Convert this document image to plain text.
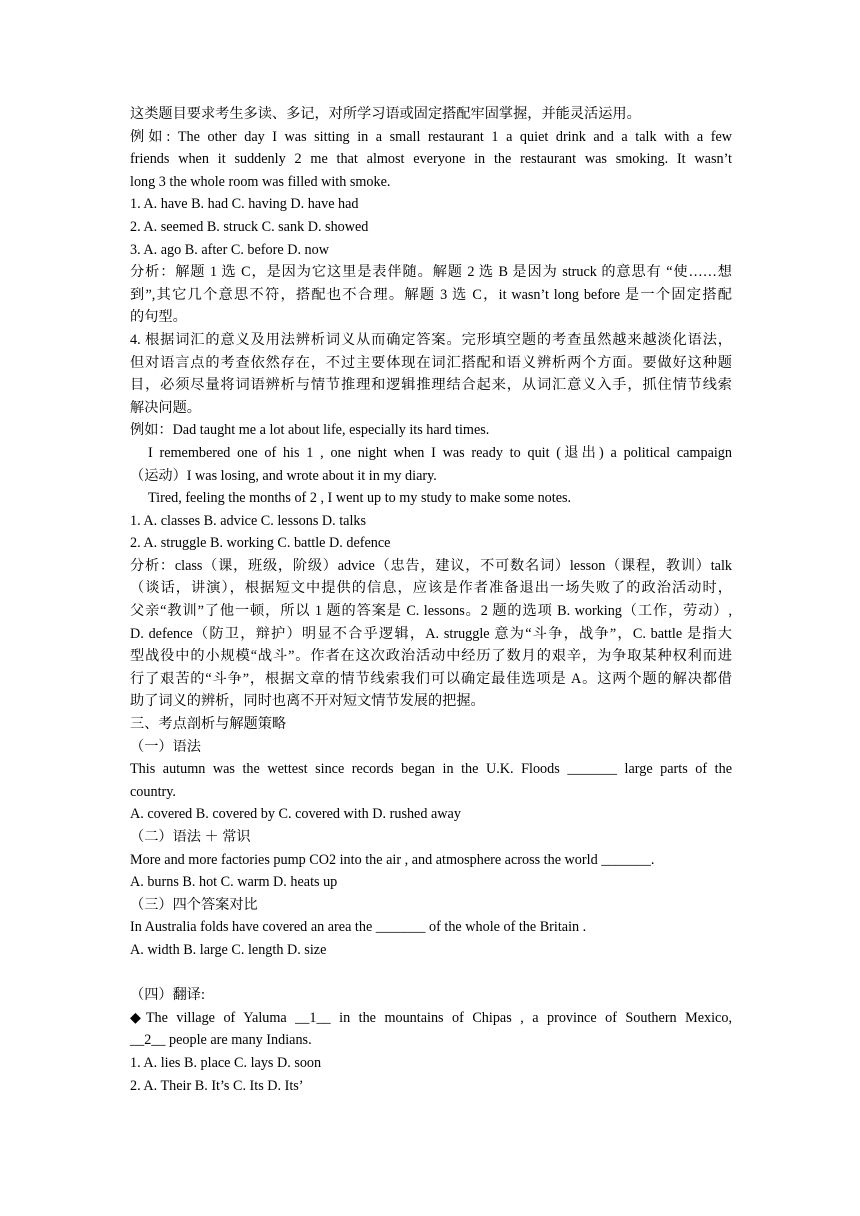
这类题目要求考生多读、多记，对所学习语或固定搭配牢固掌握，并能灵活运用。
例如: The other day I was sitting in a small restaurant 1 a quiet drink and a talk with a few
friends when it suddenly 2 me that almost everyone in the restaurant was smoking. It wasn’t
long 3 the whole room was filled with smoke.
1. A. have B. had C. having D. have had
2. A. seemed B. struck C. sank D. showed
3. A. ago B. after C. before D. now
分析：解题 1 选 C，是因为它这里是表伴随。解题 2 选 B 是因为 struck 的意思有 “使……想
到”,其它几个意思不符，搭配也不合理。解题 3 选 C，it wasn’t long before 是一个固定搭配
的句型。
4. 根据词汇的意义及用法辨析词义从而确定答案。完形填空题的考查虽然越来越淡化语法，
但对语言点的考查依然存在，不过主要体现在词汇搭配和语义辨析两个方面。要做好这种题
目，必须尽量将词语辨析与情节推理和逻辑推理结合起来，从词汇意义入手，抓住情节线索
解决问题。
例如：Dad taught me a lot about life, especially its hard times.
I remembered one of his 1 , one night when I was ready to quit (退出) a political campaign
（运动）I was losing, and wrote about it in my diary.
Tired, feeling the months of 2 , I went up to my study to make some notes.
1. A. classes B. advice C. lessons D. talks
2. A. struggle B. working C. battle D. defence
分析：class（课，班级，阶级）advice（忠告，建议，不可数名词）lesson（课程，教训）talk
（谈话，讲演），根据短文中提供的信息，应该是作者准备退出一场失败了的政治活动时，
父亲“教训”了他一顿，所以 1 题的答案是 C. lessons。2 题的选项 B. working（工作，劳动）,
D. defence（防卫，辩护）明显不合乎逻辑，A. struggle 意为“斗争，战争”，C. battle 是指大
型战役中的小规模“战斗”。作者在这次政治活动中经历了数月的艰辛，为争取某种权利而进
行了艰苦的“斗争”，根据文章的情节线索我们可以确定最佳选项是 A。这两个题的解决都借
助了词义的辨析，同时也离不开对短文情节发展的把握。
三、考点剖析与解题策略
（一）语法
This autumn was the wettest since records began in the U.K. Floods _______ large parts of the
country.
A. covered B. covered by C. covered with D. rushed away
（二）语法 ＋ 常识
More and more factories pump CO2 into the air , and atmosphere across the world _______.
A. burns B. hot C. warm D. heats up
（三）四个答案对比
In Australia folds have covered an area the _______ of the whole of the Britain .
A. width B. large C. length D. size
（四）翻译:
◆The village of Yaluma __1__ in the mountains of Chipas , a province of Southern Mexico,
__2__ people are many Indians.
1. A. lies B. place C. lays D. soon
2. A. Their B. It’s C. Its D. Its’
